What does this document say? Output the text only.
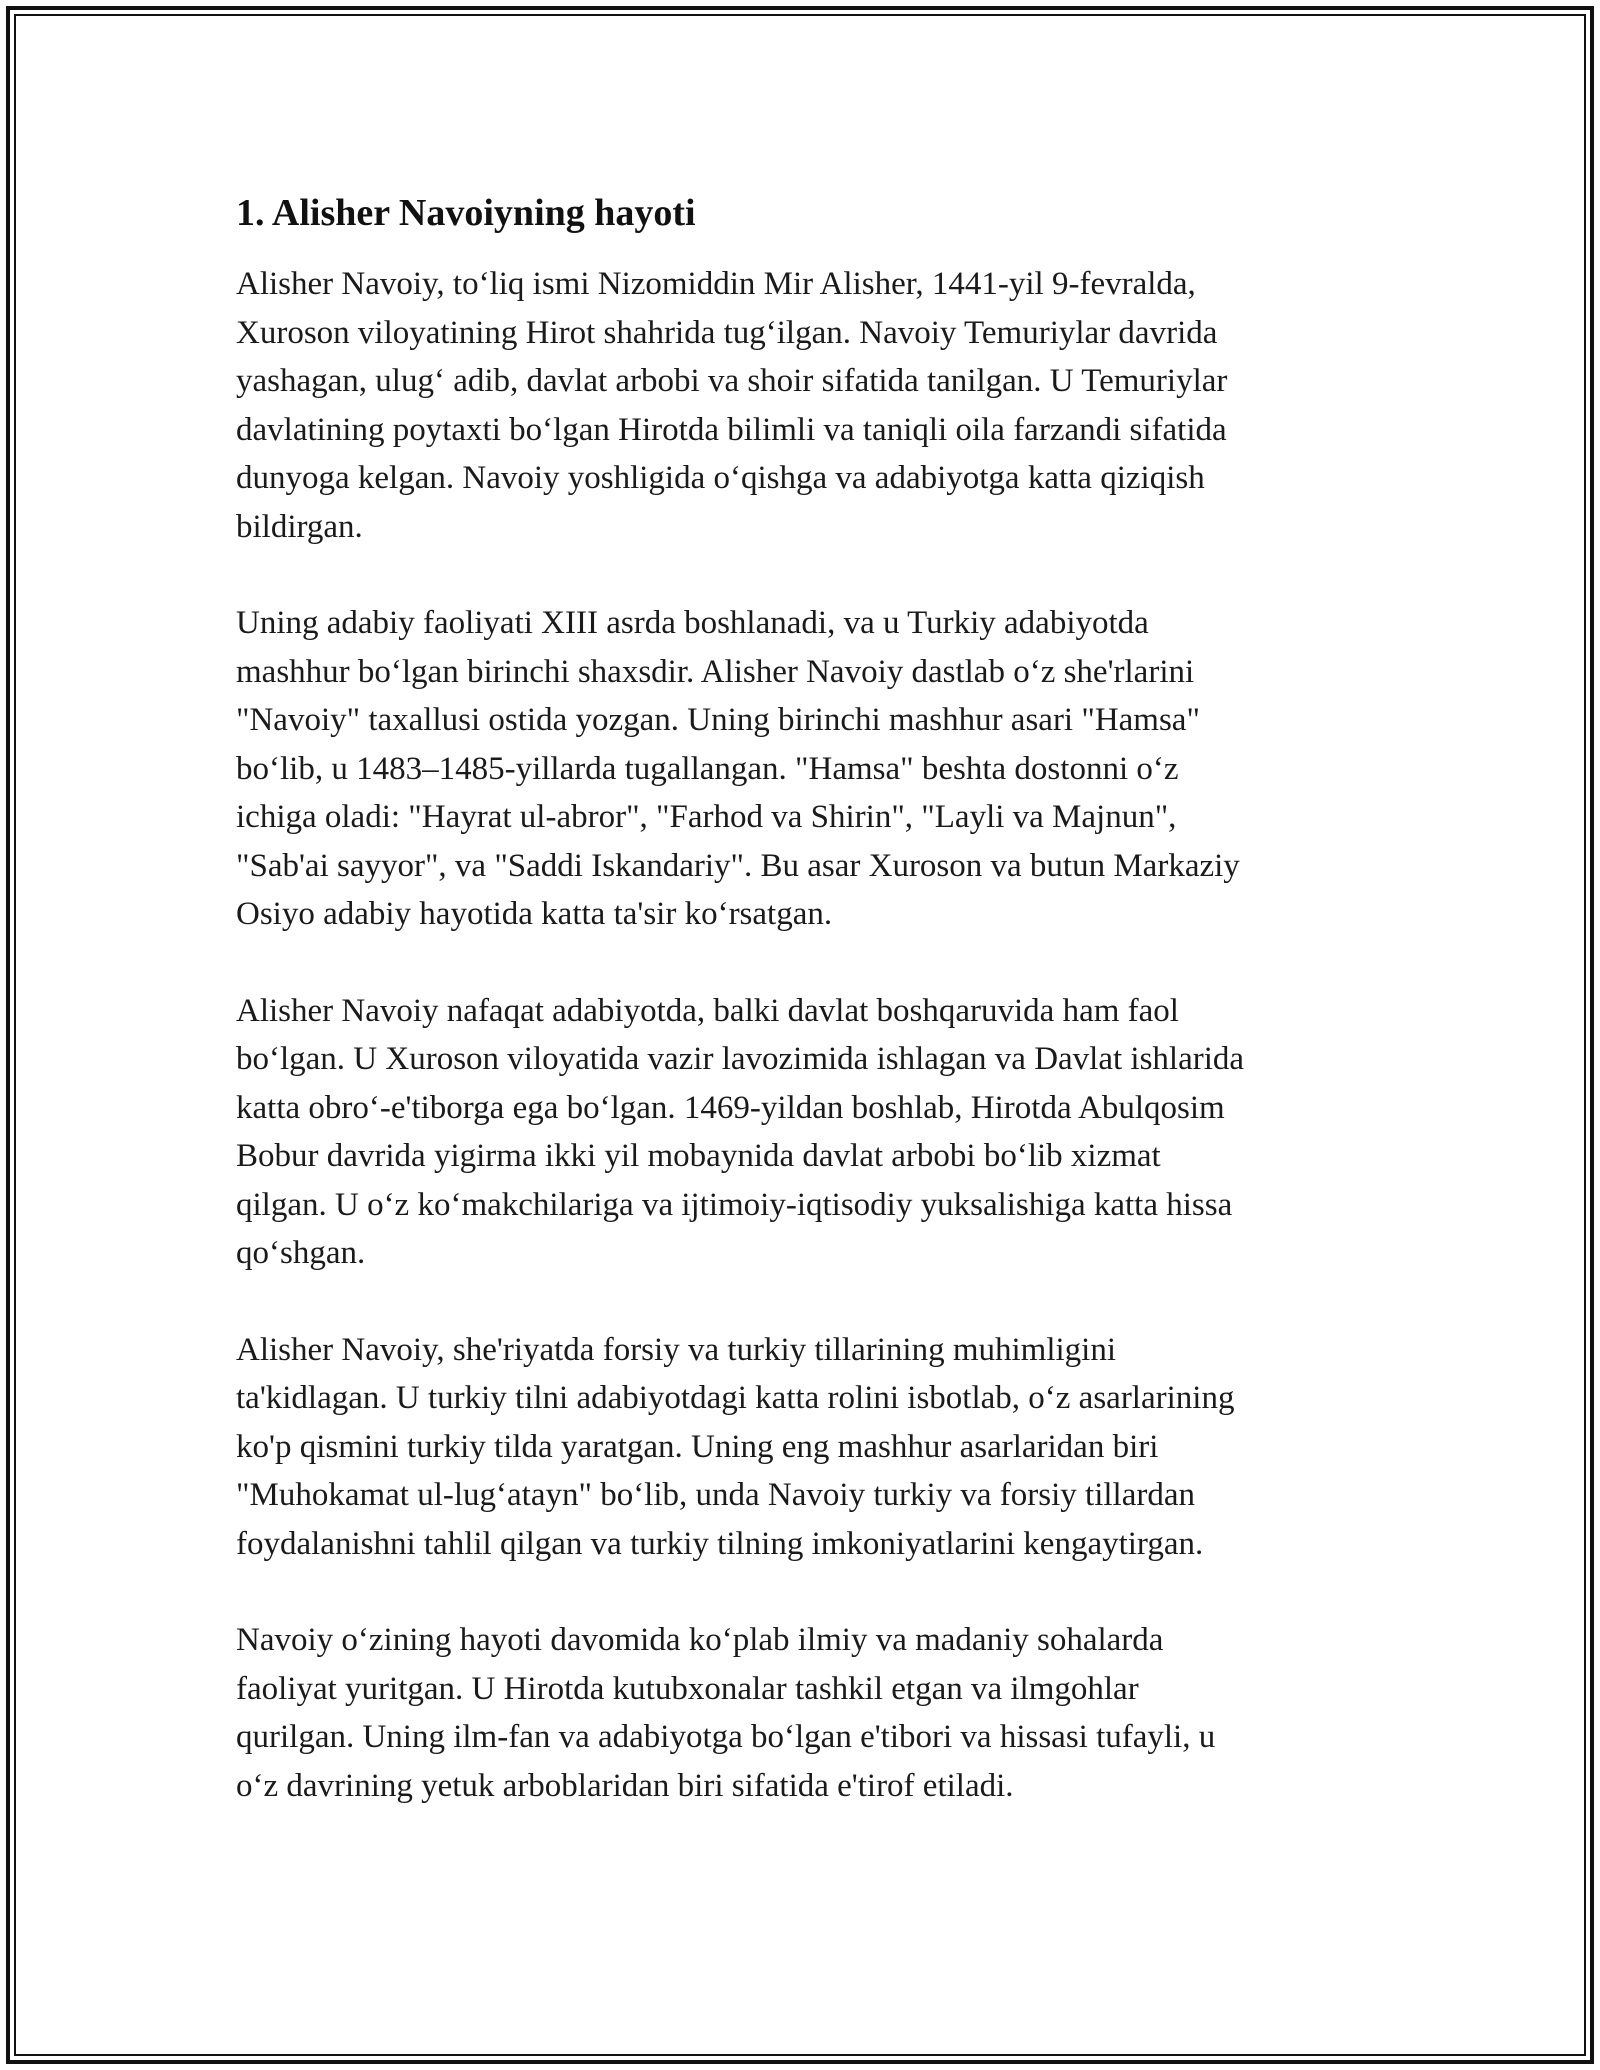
1. Alisher Navoiyning hayoti

Alisher Navoiy, to‘liq ismi Nizomiddin Mir Alisher, 1441-yil 9-fevralda,
Xuroson viloyatining Hirot shahrida tug‘ilgan. Navoiy Temuriylar davrida
yashagan, ulug‘ adib, davlat arbobi va shoir sifatida tanilgan. U Temuriylar
davlatining poytaxti bo‘lgan Hirotda bilimli va taniqli oila farzandi sifatida
dunyoga kelgan. Navoiy yoshligida o‘qishga va adabiyotga katta qiziqish
bildirgan.

Uning adabiy faoliyati XIII asrda boshlanadi, va u Turkiy adabiyotda
mashhur bo‘lgan birinchi shaxsdir. Alisher Navoiy dastlab o‘z she'rlarini
"Navoiy" taxallusi ostida yozgan. Uning birinchi mashhur asari "Hamsa"
bo‘lib, u 1483–1485-yillarda tugallangan. "Hamsa" beshta dostonni o‘z
ichiga oladi: "Hayrat ul-abror", "Farhod va Shirin", "Layli va Majnun",
"Sab'ai sayyor", va "Saddi Iskandariy". Bu asar Xuroson va butun Markaziy
Osiyo adabiy hayotida katta ta'sir ko‘rsatgan.

Alisher Navoiy nafaqat adabiyotda, balki davlat boshqaruvida ham faol
bo‘lgan. U Xuroson viloyatida vazir lavozimida ishlagan va Davlat ishlarida
katta obro‘-e'tiborga ega bo‘lgan. 1469-yildan boshlab, Hirotda Abulqosim
Bobur davrida yigirma ikki yil mobaynida davlat arbobi bo‘lib xizmat
qilgan. U o‘z ko‘makchilariga va ijtimoiy-iqtisodiy yuksalishiga katta hissa
qo‘shgan.

Alisher Navoiy, she'riyatda forsiy va turkiy tillarining muhimligini
ta'kidlagan. U turkiy tilni adabiyotdagi katta rolini isbotlab, o‘z asarlarining
ko'p qismini turkiy tilda yaratgan. Uning eng mashhur asarlaridan biri
"Muhokamat ul-lug‘atayn" bo‘lib, unda Navoiy turkiy va forsiy tillardan
foydalanishni tahlil qilgan va turkiy tilning imkoniyatlarini kengaytirgan.

Navoiy o‘zining hayoti davomida ko‘plab ilmiy va madaniy sohalarda
faoliyat yuritgan. U Hirotda kutubxonalar tashkil etgan va ilmgohlar
qurilgan. Uning ilm-fan va adabiyotga bo‘lgan e'tibori va hissasi tufayli, u
o‘z davrining yetuk arboblaridan biri sifatida e'tirof etiladi.
